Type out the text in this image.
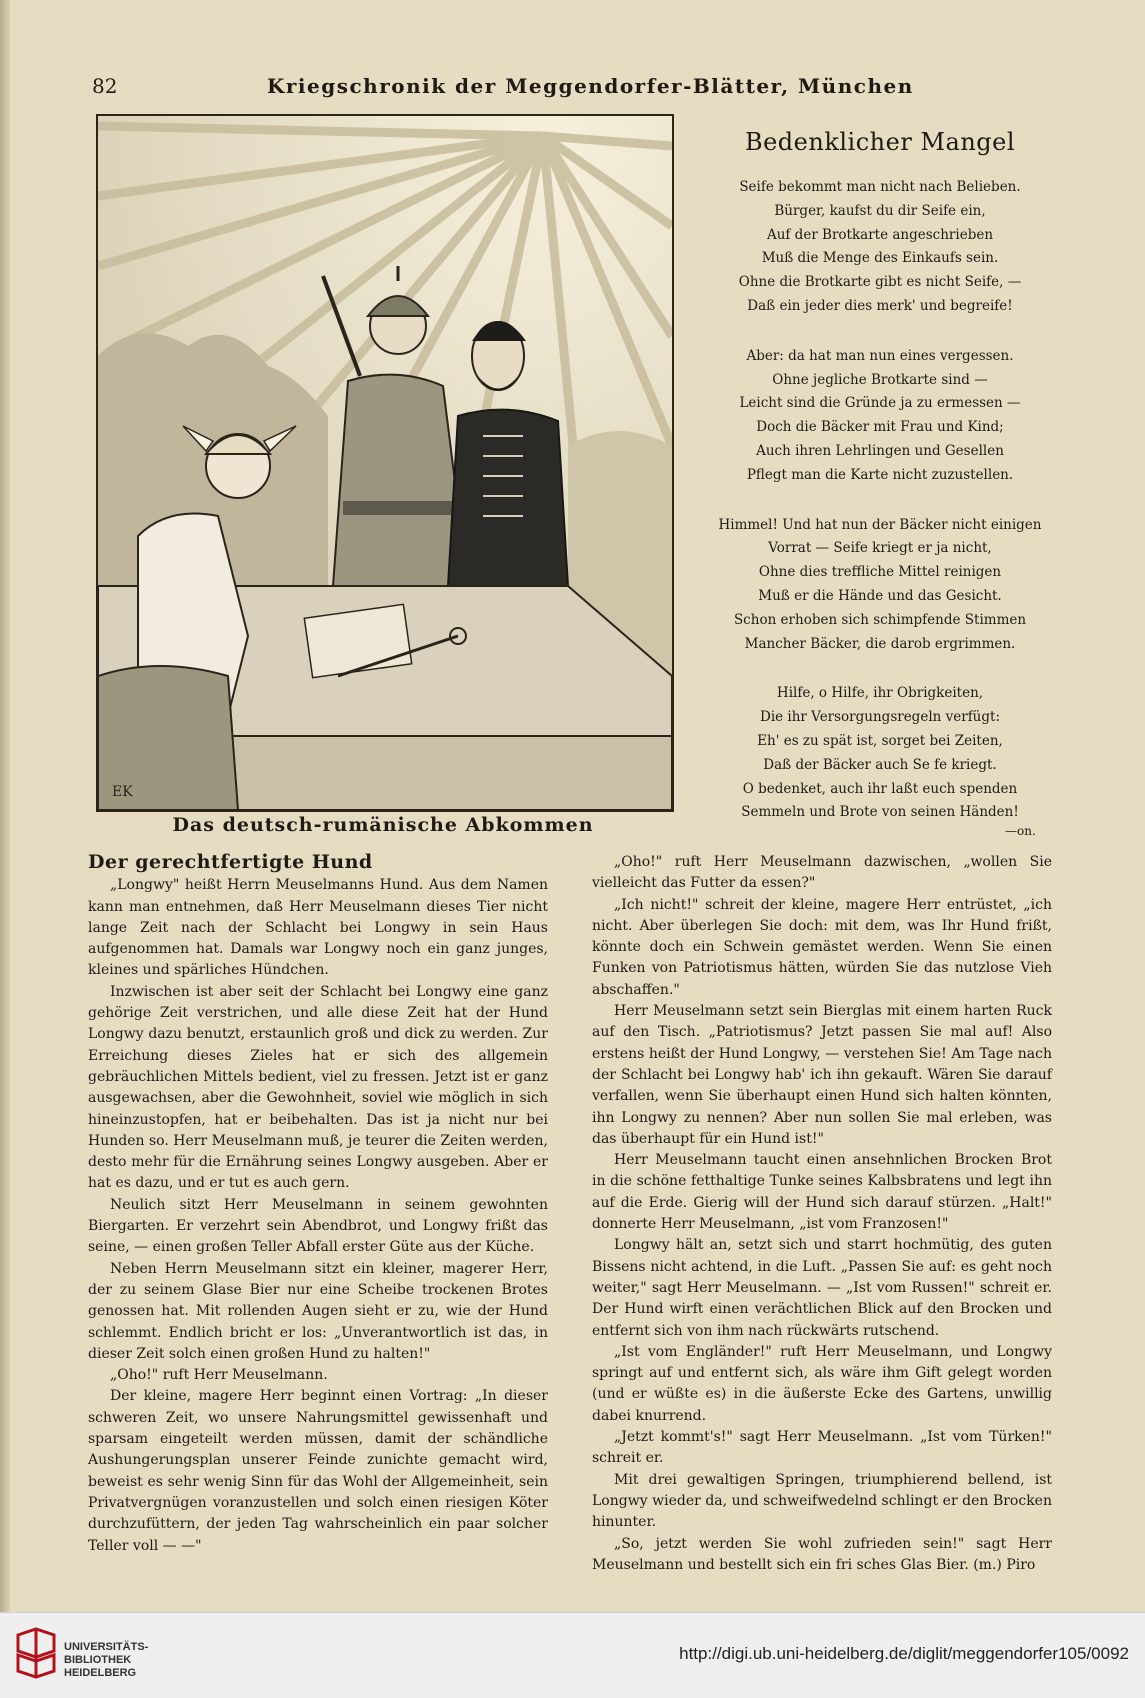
82	Kriegschronik der Meggendorfer-Blätter, München
EK
Das deutsch-rumänische Abkommen
Bedenklicher Mangel
Seife bekommt man nicht nach Belieben.
Bürger, kaufst du dir Seife ein,
Auf der Brotkarte angeschrieben
Muß die Menge des Einkaufs sein.
Ohne die Brotkarte gibt es nicht Seife, —
Daß ein jeder dies merk' und begreife!
Aber: da hat man nun eines vergessen.
Ohne jegliche Brotkarte sind —
Leicht sind die Gründe ja zu ermessen —
Doch die Bäcker mit Frau und Kind;
Auch ihren Lehrlingen und Gesellen
Pflegt man die Karte nicht zuzustellen.
Himmel! Und hat nun der Bäcker nicht einigen
Vorrat — Seife kriegt er ja nicht,
Ohne dies treffliche Mittel reinigen
Muß er die Hände und das Gesicht.
Schon erhoben sich schimpfende Stimmen
Mancher Bäcker, die darob ergrimmen.
Hilfe, o Hilfe, ihr Obrigkeiten,
Die ihr Versorgungsregeln verfügt:
Eh' es zu spät ist, sorget bei Zeiten,
Daß der Bäcker auch Se fe kriegt.
O bedenket, auch ihr laßt euch spenden
Semmeln und Brote von seinen Händen!
—on.
Der gerechtfertigte Hund

„Longwy" heißt Herrn Meuselmanns Hund. Aus dem Namen kann man entnehmen, daß Herr Meuselmann dieses Tier nicht lange Zeit nach der Schlacht bei Longwy in sein Haus aufgenommen hat. Damals war Longwy noch ein ganz junges, kleines und spärliches Hündchen.

Inzwischen ist aber seit der Schlacht bei Longwy eine ganz gehörige Zeit verstrichen, und alle diese Zeit hat der Hund Longwy dazu benutzt, erstaunlich groß und dick zu werden. Zur Erreichung dieses Zieles hat er sich des allgemein gebräuchlichen Mittels bedient, viel zu fressen. Jetzt ist er ganz ausgewachsen, aber die Gewohnheit, soviel wie möglich in sich hineinzustopfen, hat er beibehalten. Das ist ja nicht nur bei Hunden so. Herr Meuselmann muß, je teurer die Zeiten werden, desto mehr für die Ernährung seines Longwy ausgeben. Aber er hat es dazu, und er tut es auch gern.

Neulich sitzt Herr Meuselmann in seinem gewohnten Biergarten. Er verzehrt sein Abendbrot, und Longwy frißt das seine, — einen großen Teller Abfall erster Güte aus der Küche.

Neben Herrn Meuselmann sitzt ein kleiner, magerer Herr, der zu seinem Glase Bier nur eine Scheibe trockenen Brotes genossen hat. Mit rollenden Augen sieht er zu, wie der Hund schlemmt. Endlich bricht er los: „Unverantwortlich ist das, in dieser Zeit solch einen großen Hund zu halten!"

„Oho!" ruft Herr Meuselmann.

Der kleine, magere Herr beginnt einen Vortrag: „In dieser schweren Zeit, wo unsere Nahrungsmittel gewissenhaft und sparsam eingeteilt werden müssen, damit der schändliche Aushungerungsplan unserer Feinde zunichte gemacht wird, beweist es sehr wenig Sinn für das Wohl der Allgemeinheit, sein Privatvergnügen voranzustellen und solch einen riesigen Köter durchzufüttern, der jeden Tag wahrscheinlich ein paar solcher Teller voll — —"

„Oho!" ruft Herr Meuselmann dazwischen, „wollen Sie vielleicht das Futter da essen?"

„Ich nicht!" schreit der kleine, magere Herr entrüstet, „ich nicht. Aber überlegen Sie doch: mit dem, was Ihr Hund frißt, könnte doch ein Schwein gemästet werden. Wenn Sie einen Funken von Patriotismus hätten, würden Sie das nutzlose Vieh abschaffen."

Herr Meuselmann setzt sein Bierglas mit einem harten Ruck auf den Tisch. „Patriotismus? Jetzt passen Sie mal auf! Also erstens heißt der Hund Longwy, — verstehen Sie! Am Tage nach der Schlacht bei Longwy hab' ich ihn gekauft. Wären Sie darauf verfallen, wenn Sie überhaupt einen Hund sich halten könnten, ihn Longwy zu nennen? Aber nun sollen Sie mal erleben, was das überhaupt für ein Hund ist!"

Herr Meuselmann taucht einen ansehnlichen Brocken Brot in die schöne fetthaltige Tunke seines Kalbsbratens und legt ihn auf die Erde. Gierig will der Hund sich darauf stürzen. „Halt!" donnerte Herr Meuselmann, „ist vom Franzosen!"

Longwy hält an, setzt sich und starrt hochmütig, des guten Bissens nicht achtend, in die Luft. „Passen Sie auf: es geht noch weiter," sagt Herr Meuselmann. — „Ist vom Russen!" schreit er. Der Hund wirft einen verächtlichen Blick auf den Brocken und entfernt sich von ihm nach rückwärts rutschend.

„Ist vom Engländer!" ruft Herr Meuselmann, und Longwy springt auf und entfernt sich, als wäre ihm Gift gelegt worden (und er wüßte es) in die äußerste Ecke des Gartens, unwillig dabei knurrend.

„Jetzt kommt's!" sagt Herr Meuselmann. „Ist vom Türken!" schreit er.

Mit drei gewaltigen Springen, triumphierend bellend, ist Longwy wieder da, und schweifwedelnd schlingt er den Brocken hinunter.

„So, jetzt werden Sie wohl zufrieden sein!" sagt Herr Meuselmann und bestellt sich ein fri sches Glas Bier. (m.) Piro

UNIVERSITÄTS-
BIBLIOTHEK
HEIDELBERG
http://digi.ub.uni-heidelberg.de/diglit/meggendorfer105/0092
